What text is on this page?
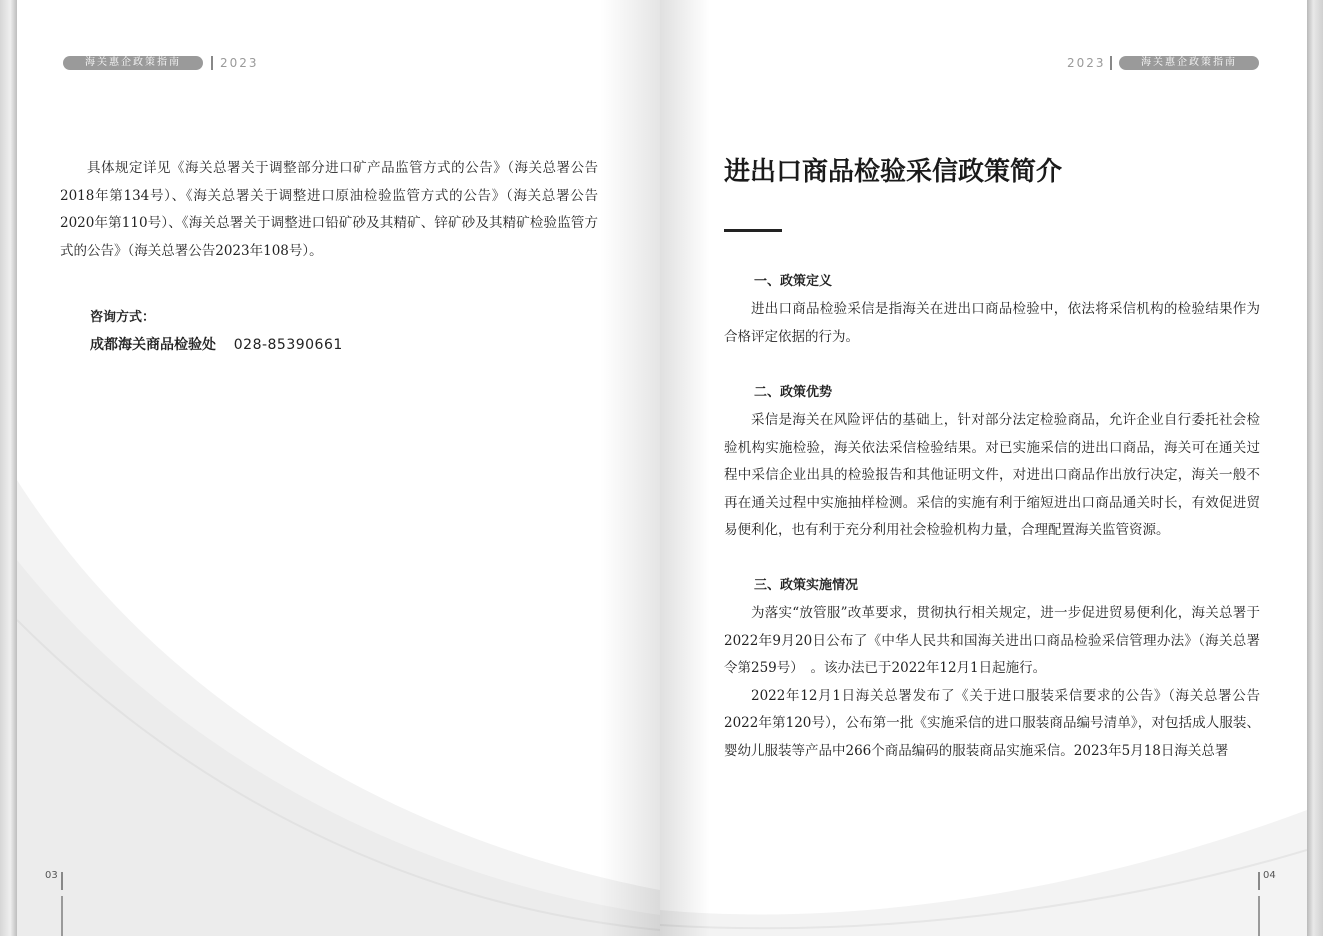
海关惠企政策指南	2023

具体规定详见《海关总署关于调整部分进口矿产品监管方式的公告》（海关总署公告2018年第134号）、《海关总署关于调整进口原油检验监管方式的公告》（海关总署公告2020年第110号）、《海关总署关于调整进口铅矿砂及其精矿、锌矿砂及其精矿检验监管方式的公告》（海关总署公告2023年108号）。

咨询方式：
成都海关商品检验处 028-85390661
03
2023	海关惠企政策指南
进出口商品检验采信政策简介
一、政策定义

进出口商品检验采信是指海关在进出口商品检验中，依法将采信机构的检验结果作为合格评定依据的行为。

二、政策优势

采信是海关在风险评估的基础上，针对部分法定检验商品，允许企业自行委托社会检验机构实施检验，海关依法采信检验结果。对已实施采信的进出口商品，海关可在通关过程中采信企业出具的检验报告和其他证明文件，对进出口商品作出放行决定，海关一般不再在通关过程中实施抽样检测。采信的实施有利于缩短进出口商品通关时长，有效促进贸易便利化，也有利于充分利用社会检验机构力量，合理配置海关监管资源。

三、政策实施情况

为落实“放管服”改革要求，贯彻执行相关规定，进一步促进贸易便利化，海关总署于2022年9月20日公布了《中华人民共和国海关进出口商品检验采信管理办法》（海关总署令第259号）　。该办法已于2022年12月1日起施行。

2022年12月1日海关总署发布了《关于进口服装采信要求的公告》（海关总署公告2022年第120号），公布第一批《实施采信的进口服装商品编号清单》，对包括成人服装、婴幼儿服装等产品中266个商品编码的服装商品实施采信。2023年5月18日海关总署

04
